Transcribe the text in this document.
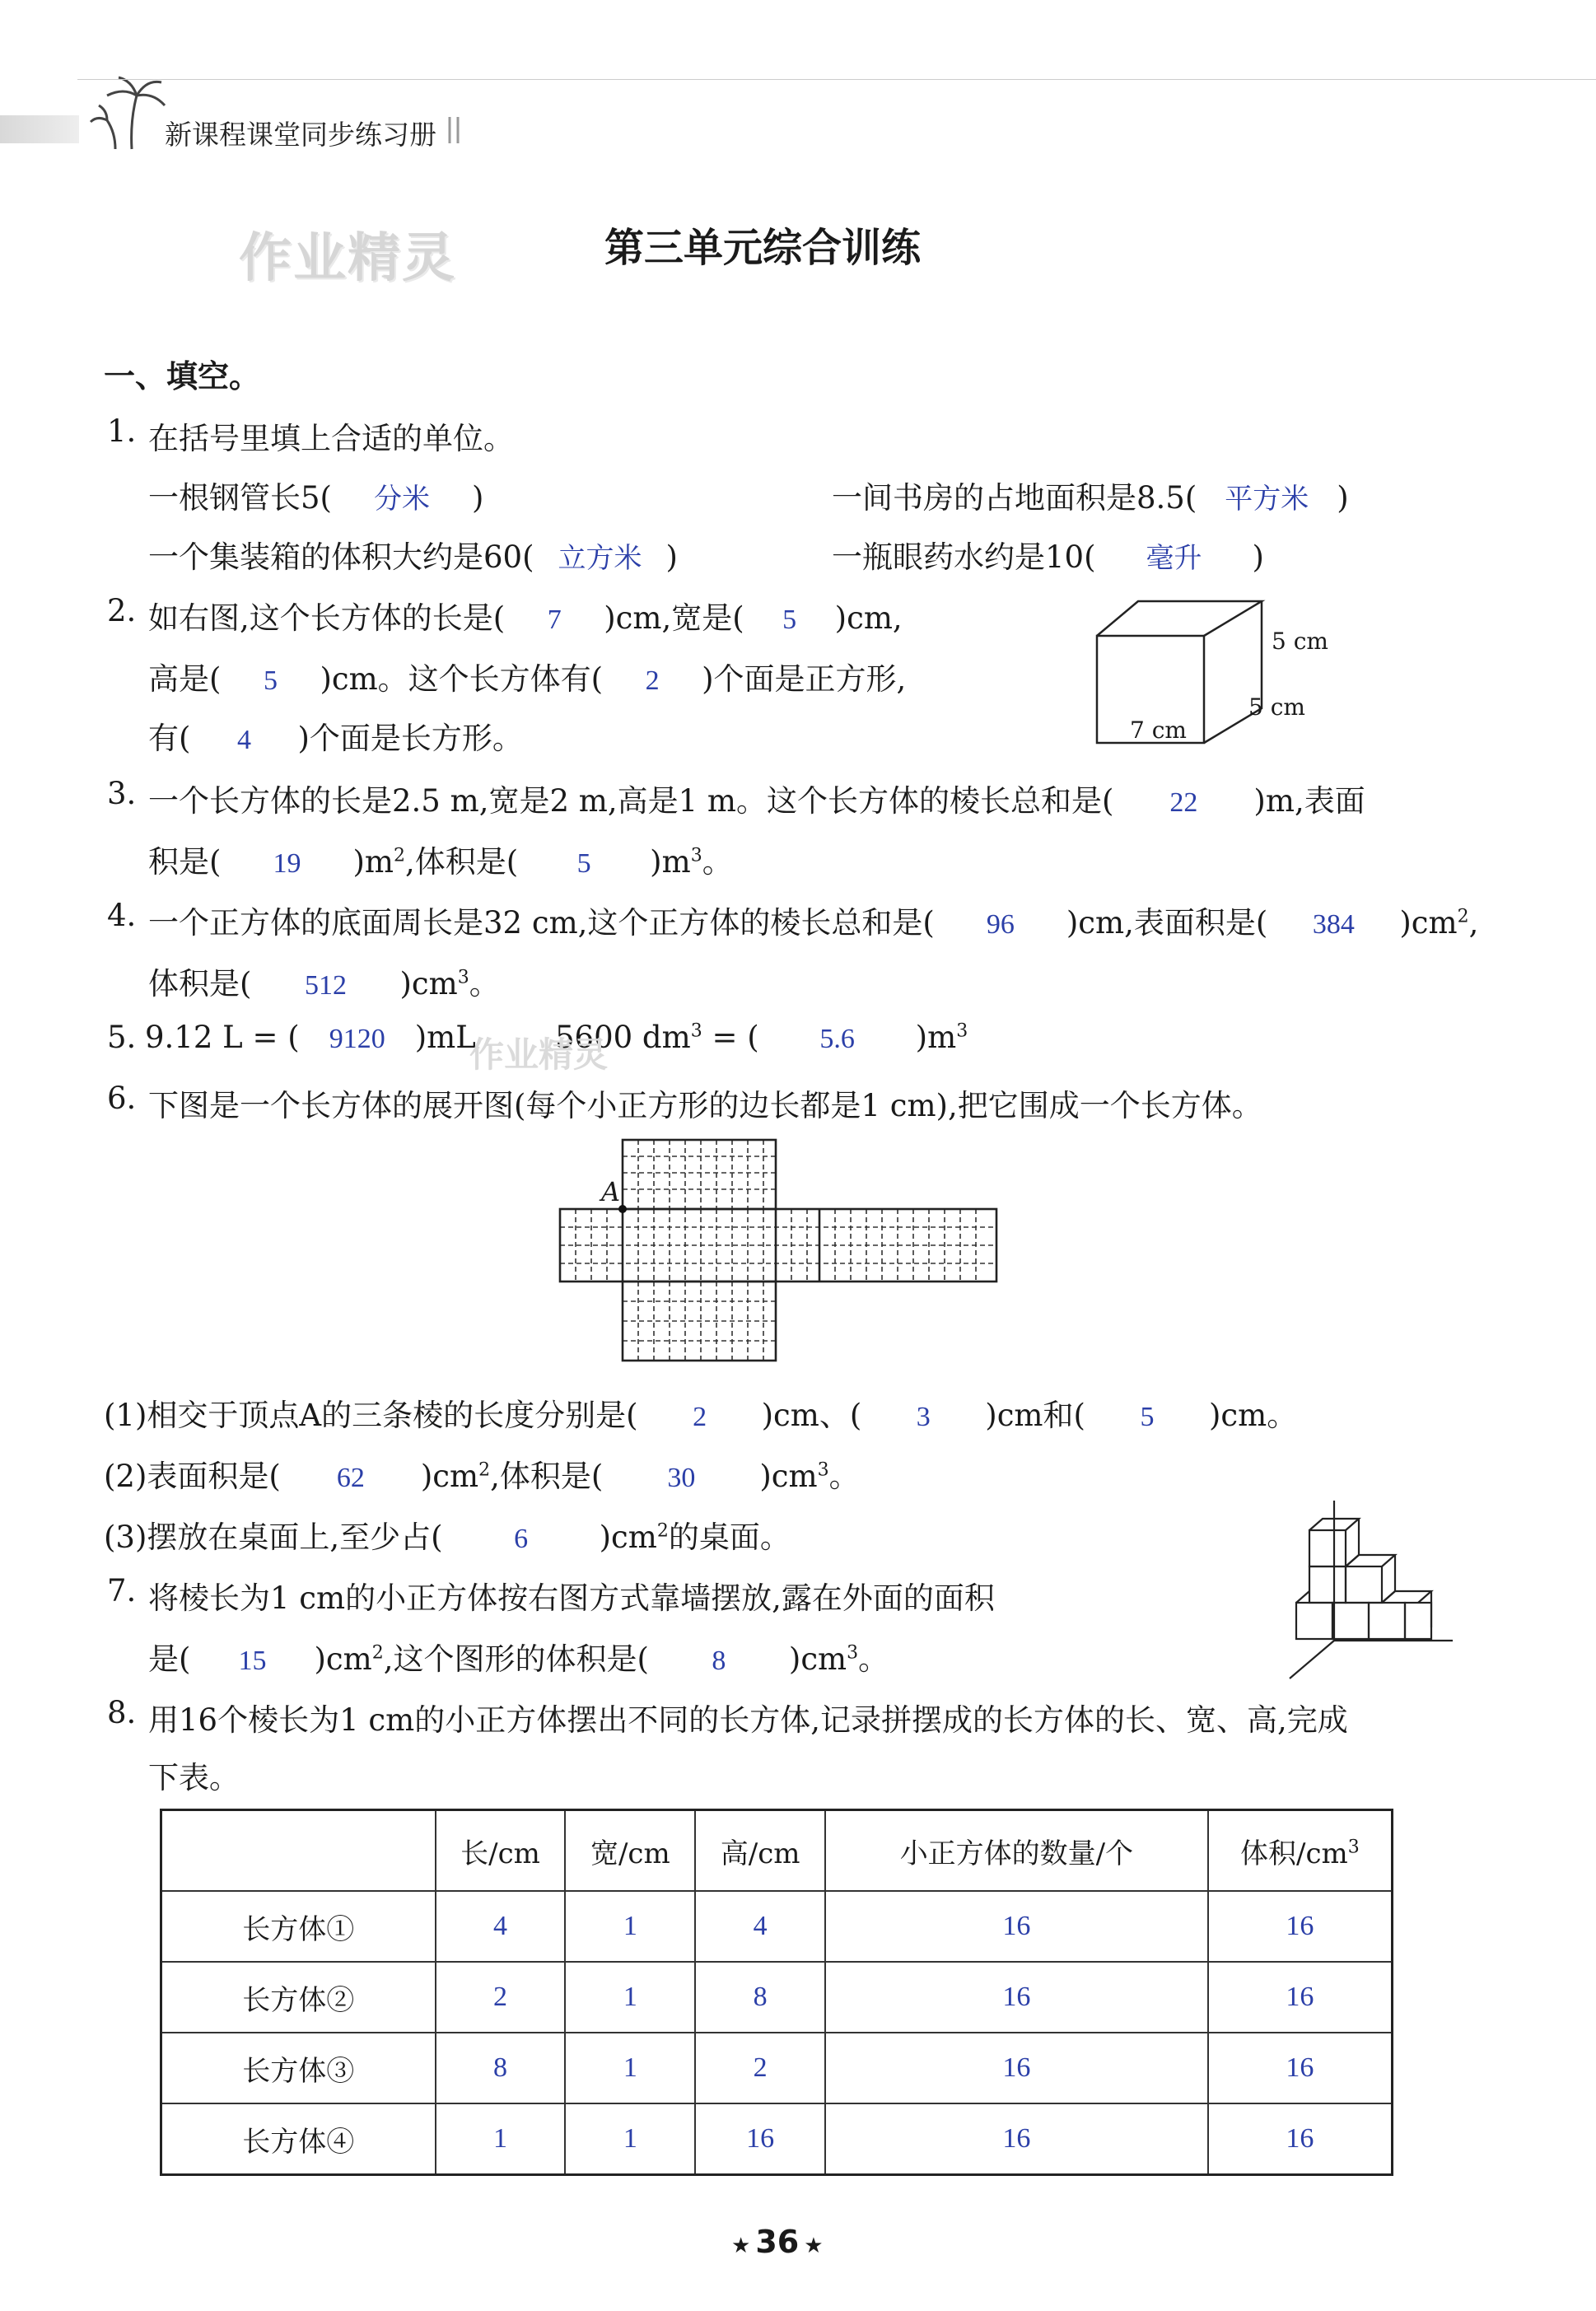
新课程课堂同步练习册
作业精灵	第三单元综合训练
一、填空。
1. 在括号里填上合适的单位。
一根钢管长5( 分米 )	一间书房的占地面积是8.5( 平方米 )
一个集装箱的体积大约是60( 立方米 )	一瓶眼药水约是10( 毫升 )
2. 如右图,这个长方体的长是( 7 )cm,宽是( 5 )cm,
高是( 5 )cm。这个长方体有( 2 )个面是正方形,
有( 4 )个面是长方形。
5 cm
5 cm
7 cm
3. 一个长方体的长是2.5 m,宽是2 m,高是1 m。这个长方体的棱长总和是( 22 )m,表面
积是( 19 )$m^2$,体积是( 5 )$m^3$。
4. 一个正方体的底面周长是32 cm,这个正方体的棱长总和是( 96 )cm,表面积是( 384 )$cm^2$,
体积是( 512 )$cm^3$。
5. 9.12 L = ( 9120 )mL	5600 $dm^3$ = ( 5.6 )$m^3$
作业精灵
6. 下图是一个长方体的展开图(每个小正方形的边长都是1 cm),把它围成一个长方体。
A
(1)相交于顶点A的三条棱的长度分别是( 2 )cm、( 3 )cm和( 5 )cm。
(2)表面积是( 62 )$cm^2$,体积是( 30 )$cm^3$。
(3)摆放在桌面上,至少占(	6 )$cm^2$的桌面。
7. 将棱长为1 cm的小正方体按右图方式靠墙摆放,露在外面的面积
是( 15 )$cm^2$,这个图形的体积是( 8 )$cm^3$。
8. 用16个棱长为1 cm的小正方体摆出不同的长方体,记录拼摆成的长方体的长、宽、高,完成
下表。
	长/cm	宽/cm	高/cm	小正方体的数量/个	体积$/cm^3$
长方体①	4	1	4	16	16
长方体②	2	1	8	16	16
长方体③	8	1	2	16	16
长方体④	1	1	16	16	16
★ 36 ★
